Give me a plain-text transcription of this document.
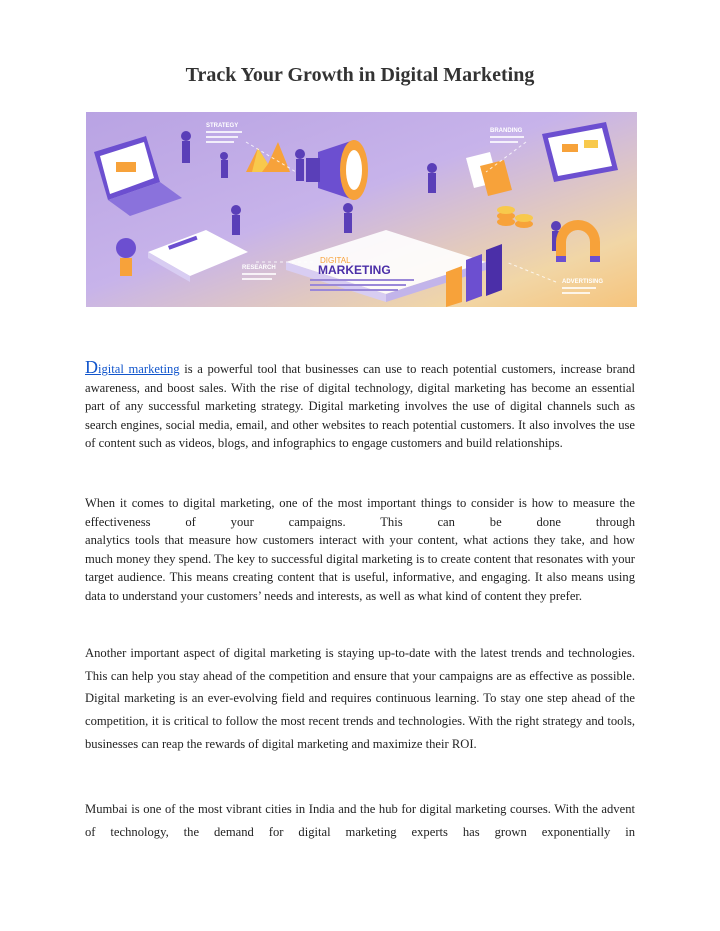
Track Your Growth in Digital Marketing
DIGITAL
MARKETING
STRATEGY
RESEARCH
BRANDING
ADVERTISING
Digital marketing is a powerful tool that businesses can use to reach potential customers, increase brand awareness, and boost sales. With the rise of digital technology, digital marketing has become an essential part of any successful marketing strategy. Digital marketing involves the use of digital channels such as search engines, social media, email, and other websites to reach potential customers. It also involves the use of content such as videos, blogs, and infographics to engage customers and build relationships.
When it comes to digital marketing, one of the most important things to consider is how to measure the effectiveness of your campaigns. This can be done through
analytics tools that measure how customers interact with your content, what actions they take, and how much money they spend. The key to successful digital marketing is to create content that resonates with your target audience. This means creating content that is useful, informative, and engaging. It also means using data to understand your customers’ needs and interests, as well as what kind of content they prefer.
Another important aspect of digital marketing is staying up-to-date with the latest trends and technologies. This can help you stay ahead of the competition and ensure that your campaigns are as effective as possible. Digital marketing is an ever-evolving field and requires continuous learning. To stay one step ahead of the competition, it is critical to follow the most recent trends and technologies. With the right strategy and tools, businesses can reap the rewards of digital marketing and maximize their ROI.
Mumbai is one of the most vibrant cities in India and the hub for digital marketing courses. With the advent of technology, the demand for digital marketing experts has grown exponentially in
